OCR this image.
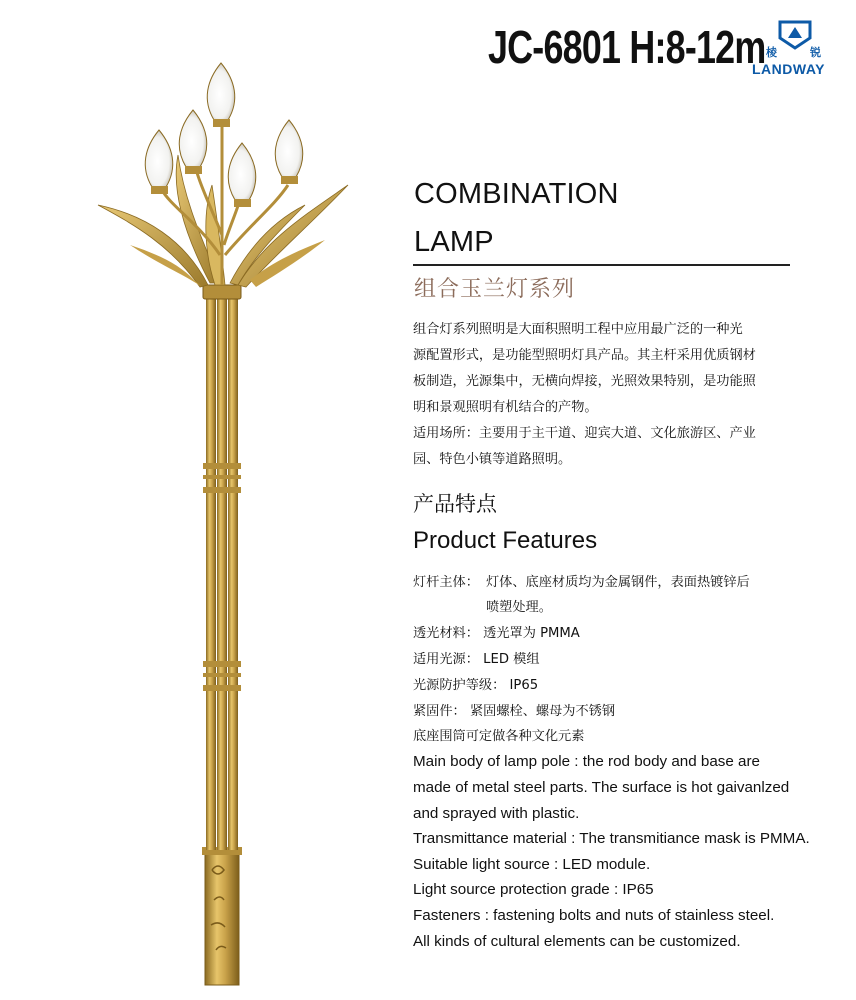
JC-6801 H:8-12m 棱	锐
LANDWAY
COMBINATION
LAMP
组合玉兰灯系列
组合灯系列照明是大面积照明工程中应用最广泛的一种光
源配置形式，是功能型照明灯具产品。其主杆采用优质钢材
板制造，光源集中，无横向焊接，光照效果特别，是功能照
明和景观照明有机结合的产物。
适用场所：主要用于主干道、迎宾大道、文化旅游区、产业
园、特色小镇等道路照明。
产品特点
Product Features
灯杆主体： 灯体、底座材质均为金属钢件，表面热镀锌后
喷塑处理。
透光材料： 透光罩为 PMMA
适用光源： LED 模组
光源防护等级： IP65
紧固件： 紧固螺栓、螺母为不锈钢
底座围筒可定做各种文化元素
Main body of lamp pole : the rod body and base are
made of metal steel parts. The surface is hot gaivanlzed
and sprayed with plastic.
Transmittance material : The transmitiance mask is PMMA.
Suitable light source : LED module.
Light source protection grade : IP65
Fasteners : fastening bolts and nuts of stainless steel.
All kinds of cultural elements can be customized.
